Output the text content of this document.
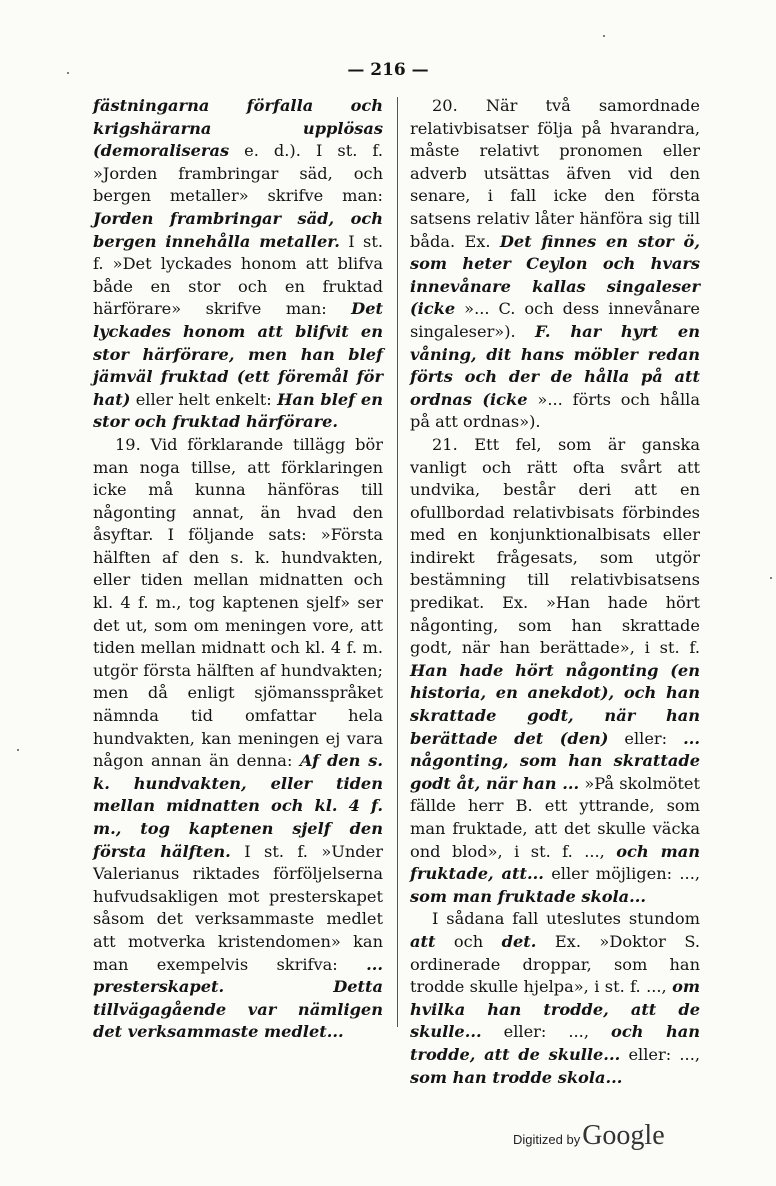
— 216 —

fästningarna förfalla och krigshärarna upplösas (demoraliseras e. d.). I st. f. »Jorden frambringar säd, och bergen metaller» skrifve man: Jorden frambringar säd, och bergen innehålla metaller. I st. f. »Det lyckades honom att blifva både en stor och en fruktad härförare» skrifve man: Det lyckades honom att blifvit en stor härförare, men han blef jämväl fruktad (ett föremål för hat) eller helt enkelt: Han blef en stor och fruktad härförare.

19. Vid förklarande tillägg bör man noga tillse, att förklaringen icke må kunna hänföras till någonting annat, än hvad den åsyftar. I följande sats: »Första hälften af den s. k. hundvakten, eller tiden mellan midnatten och kl. 4 f. m., tog kaptenen sjelf» ser det ut, som om meningen vore, att tiden mellan midnatt och kl. 4 f. m. utgör första hälften af hundvakten; men då enligt sjömansspråket nämnda tid omfattar hela hundvakten, kan meningen ej vara någon annan än denna: Af den s. k. hundvakten, eller tiden mellan midnatten och kl. 4 f. m., tog kaptenen sjelf den första hälften. I st. f. »Under Valerianus riktades förföljelserna hufvudsakligen mot presterskapet såsom det verksammaste medlet att motverka kristendomen» kan man exempelvis skrifva: ... presterskapet. Detta tillvägagående var nämligen det verksammaste medlet...

20. När två samordnade relativbisatser följa på hvarandra, måste relativt pronomen eller adverb utsättas äfven vid den senare, i fall icke den första satsens relativ låter hänföra sig till båda. Ex. Det finnes en stor ö, som heter Ceylon och hvars innevånare kallas singaleser (icke »... C. och dess innevånare singaleser»). F. har hyrt en våning, dit hans möbler redan förts och der de hålla på att ordnas (icke »... förts och hålla på att ordnas»).

21. Ett fel, som är ganska vanligt och rätt ofta svårt att undvika, består deri att en ofullbordad relativbisats förbindes med en konjunktionalbisats eller indirekt frågesats, som utgör bestämning till relativbisatsens predikat. Ex. »Han hade hört någonting, som han skrattade godt, när han berättade», i st. f. Han hade hört någonting (en historia, en anekdot), och han skrattade godt, när han berättade det (den) eller: ... någonting, som han skrattade godt åt, när han ... »På skolmötet fällde herr B. ett yttrande, som man fruktade, att det skulle väcka ond blod», i st. f. ..., och man fruktade, att... eller möjligen: ..., som man fruktade skola...

I sådana fall uteslutes stundom att och det. Ex. »Doktor S. ordinerade droppar, som han trodde skulle hjelpa», i st. f. ..., om hvilka han trodde, att de skulle... eller: ..., och han trodde, att de skulle... eller: ..., som han trodde skola...

Digitized by Google
